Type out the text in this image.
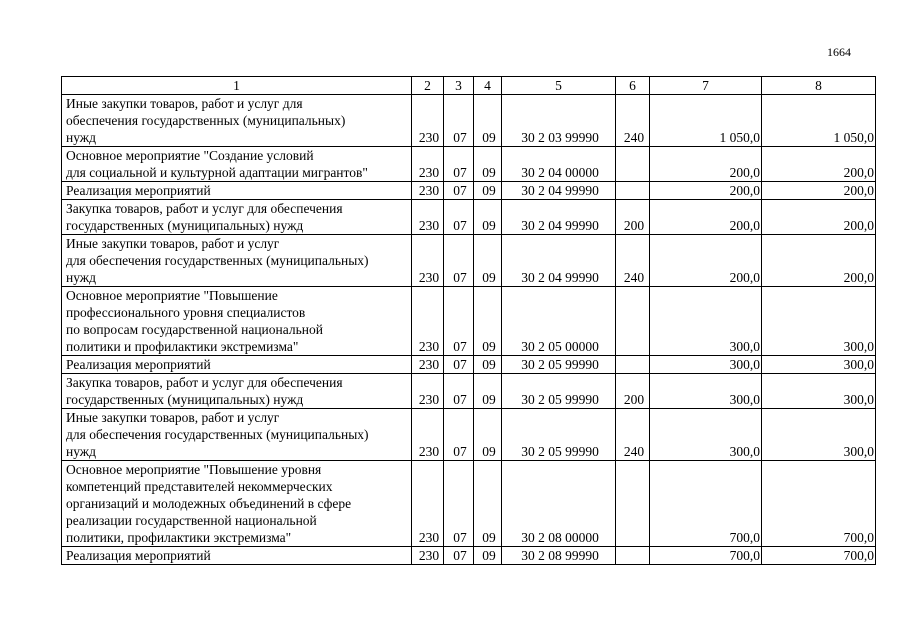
1664
1	2	3	4	5	6	7	8
Иные закупки товаров, работ и услуг для
обеспечения государственных (муниципальных)
нужд	230	07	09	30 2 03 99990	240	1 050,0	1 050,0
Основное мероприятие "Создание условий
для социальной и культурной адаптации мигрантов"	230	07	09	30 2 04 00000		200,0	200,0
Реализация мероприятий	230	07	09	30 2 04 99990		200,0	200,0
Закупка товаров, работ и услуг для обеспечения
государственных (муниципальных) нужд	230	07	09	30 2 04 99990	200	200,0	200,0
Иные закупки товаров, работ и услуг
для обеспечения государственных (муниципальных)
нужд	230	07	09	30 2 04 99990	240	200,0	200,0
Основное мероприятие "Повышение
профессионального уровня специалистов
по вопросам государственной национальной
политики и профилактики экстремизма"	230	07	09	30 2 05 00000		300,0	300,0
Реализация мероприятий	230	07	09	30 2 05 99990		300,0	300,0
Закупка товаров, работ и услуг для обеспечения
государственных (муниципальных) нужд	230	07	09	30 2 05 99990	200	300,0	300,0
Иные закупки товаров, работ и услуг
для обеспечения государственных (муниципальных)
нужд	230	07	09	30 2 05 99990	240	300,0	300,0
Основное мероприятие "Повышение уровня
компетенций представителей некоммерческих
организаций и молодежных объединений в сфере
реализации государственной национальной
политики, профилактики экстремизма"	230	07	09	30 2 08 00000		700,0	700,0
Реализация мероприятий	230	07	09	30 2 08 99990		700,0	700,0
